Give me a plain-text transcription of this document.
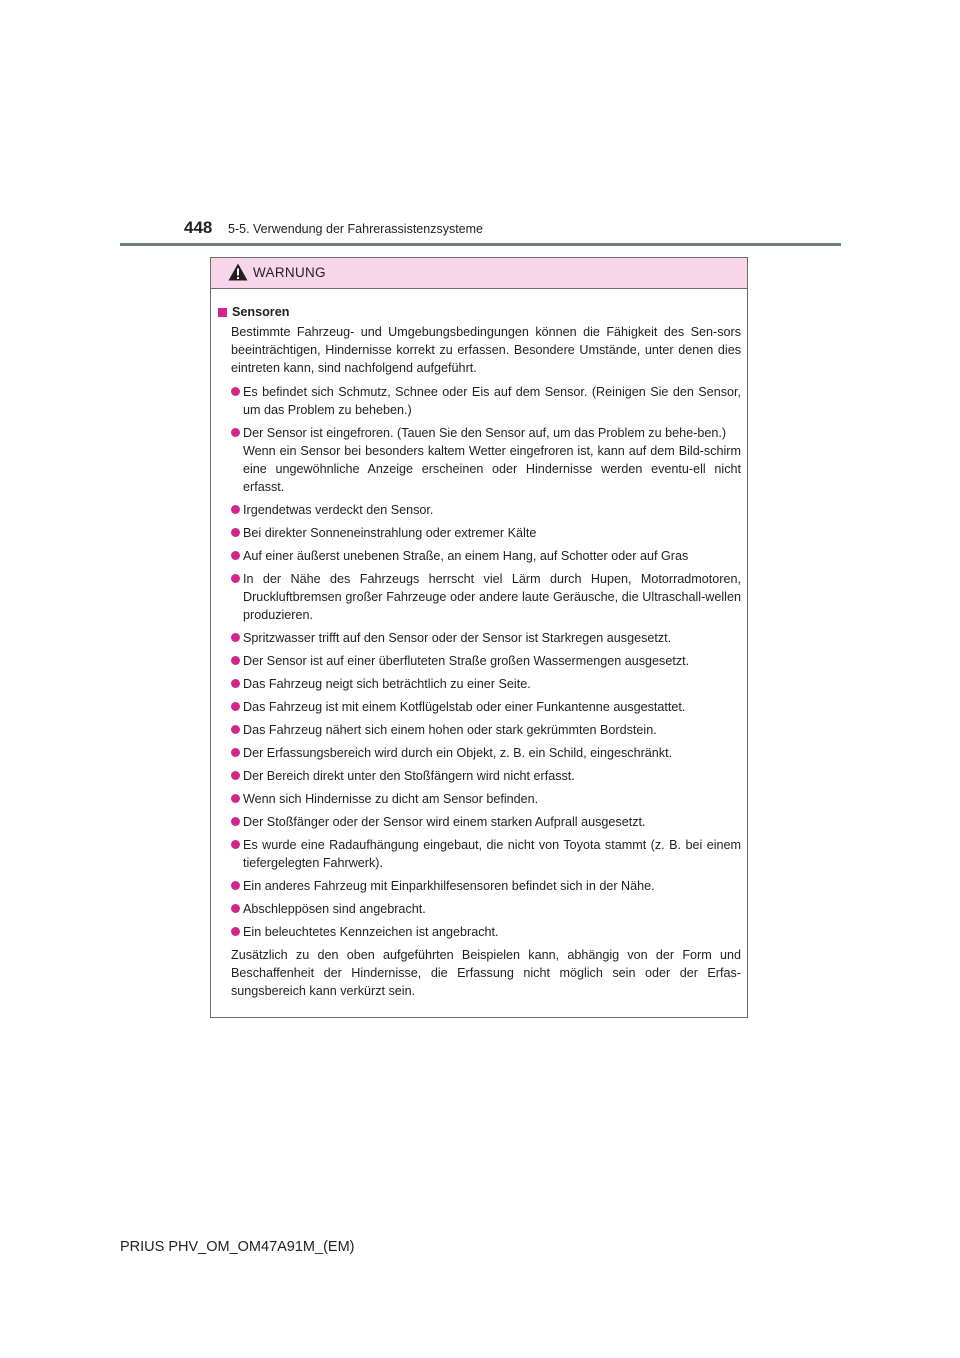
448 5-5. Verwendung der Fahrerassistenzsysteme
WARNUNG
Sensoren

Bestimmte Fahrzeug- und Umgebungsbedingungen können die Fähigkeit des Sen-sors beeinträchtigen, Hindernisse korrekt zu erfassen. Besondere Umstände, unter denen dies eintreten kann, sind nachfolgend aufgeführt.

Es befindet sich Schmutz, Schnee oder Eis auf dem Sensor. (Reinigen Sie den Sensor, um das Problem zu beheben.)
Der Sensor ist eingefroren. (Tauen Sie den Sensor auf, um das Problem zu behe-ben.)
Wenn ein Sensor bei besonders kaltem Wetter eingefroren ist, kann auf dem Bild-schirm eine ungewöhnliche Anzeige erscheinen oder Hindernisse werden eventu-ell nicht erfasst.
Irgendetwas verdeckt den Sensor.
Bei direkter Sonneneinstrahlung oder extremer Kälte
Auf einer äußerst unebenen Straße, an einem Hang, auf Schotter oder auf Gras
In der Nähe des Fahrzeugs herrscht viel Lärm durch Hupen, Motorradmotoren, Druckluftbremsen großer Fahrzeuge oder andere laute Geräusche, die Ultraschall-wellen produzieren.
Spritzwasser trifft auf den Sensor oder der Sensor ist Starkregen ausgesetzt.
Der Sensor ist auf einer überfluteten Straße großen Wassermengen ausgesetzt.
Das Fahrzeug neigt sich beträchtlich zu einer Seite.
Das Fahrzeug ist mit einem Kotflügelstab oder einer Funkantenne ausgestattet.
Das Fahrzeug nähert sich einem hohen oder stark gekrümmten Bordstein.
Der Erfassungsbereich wird durch ein Objekt, z. B. ein Schild, eingeschränkt.
Der Bereich direkt unter den Stoßfängern wird nicht erfasst.
Wenn sich Hindernisse zu dicht am Sensor befinden.
Der Stoßfänger oder der Sensor wird einem starken Aufprall ausgesetzt.
Es wurde eine Radaufhängung eingebaut, die nicht von Toyota stammt (z. B. bei einem tiefergelegten Fahrwerk).
Ein anderes Fahrzeug mit Einparkhilfesensoren befindet sich in der Nähe.
Abschleppösen sind angebracht.
Ein beleuchtetes Kennzeichen ist angebracht.

Zusätzlich zu den oben aufgeführten Beispielen kann, abhängig von der Form und Beschaffenheit der Hindernisse, die Erfassung nicht möglich sein oder der Erfas-sungsbereich kann verkürzt sein.

PRIUS PHV_OM_OM47A91M_(EM)
